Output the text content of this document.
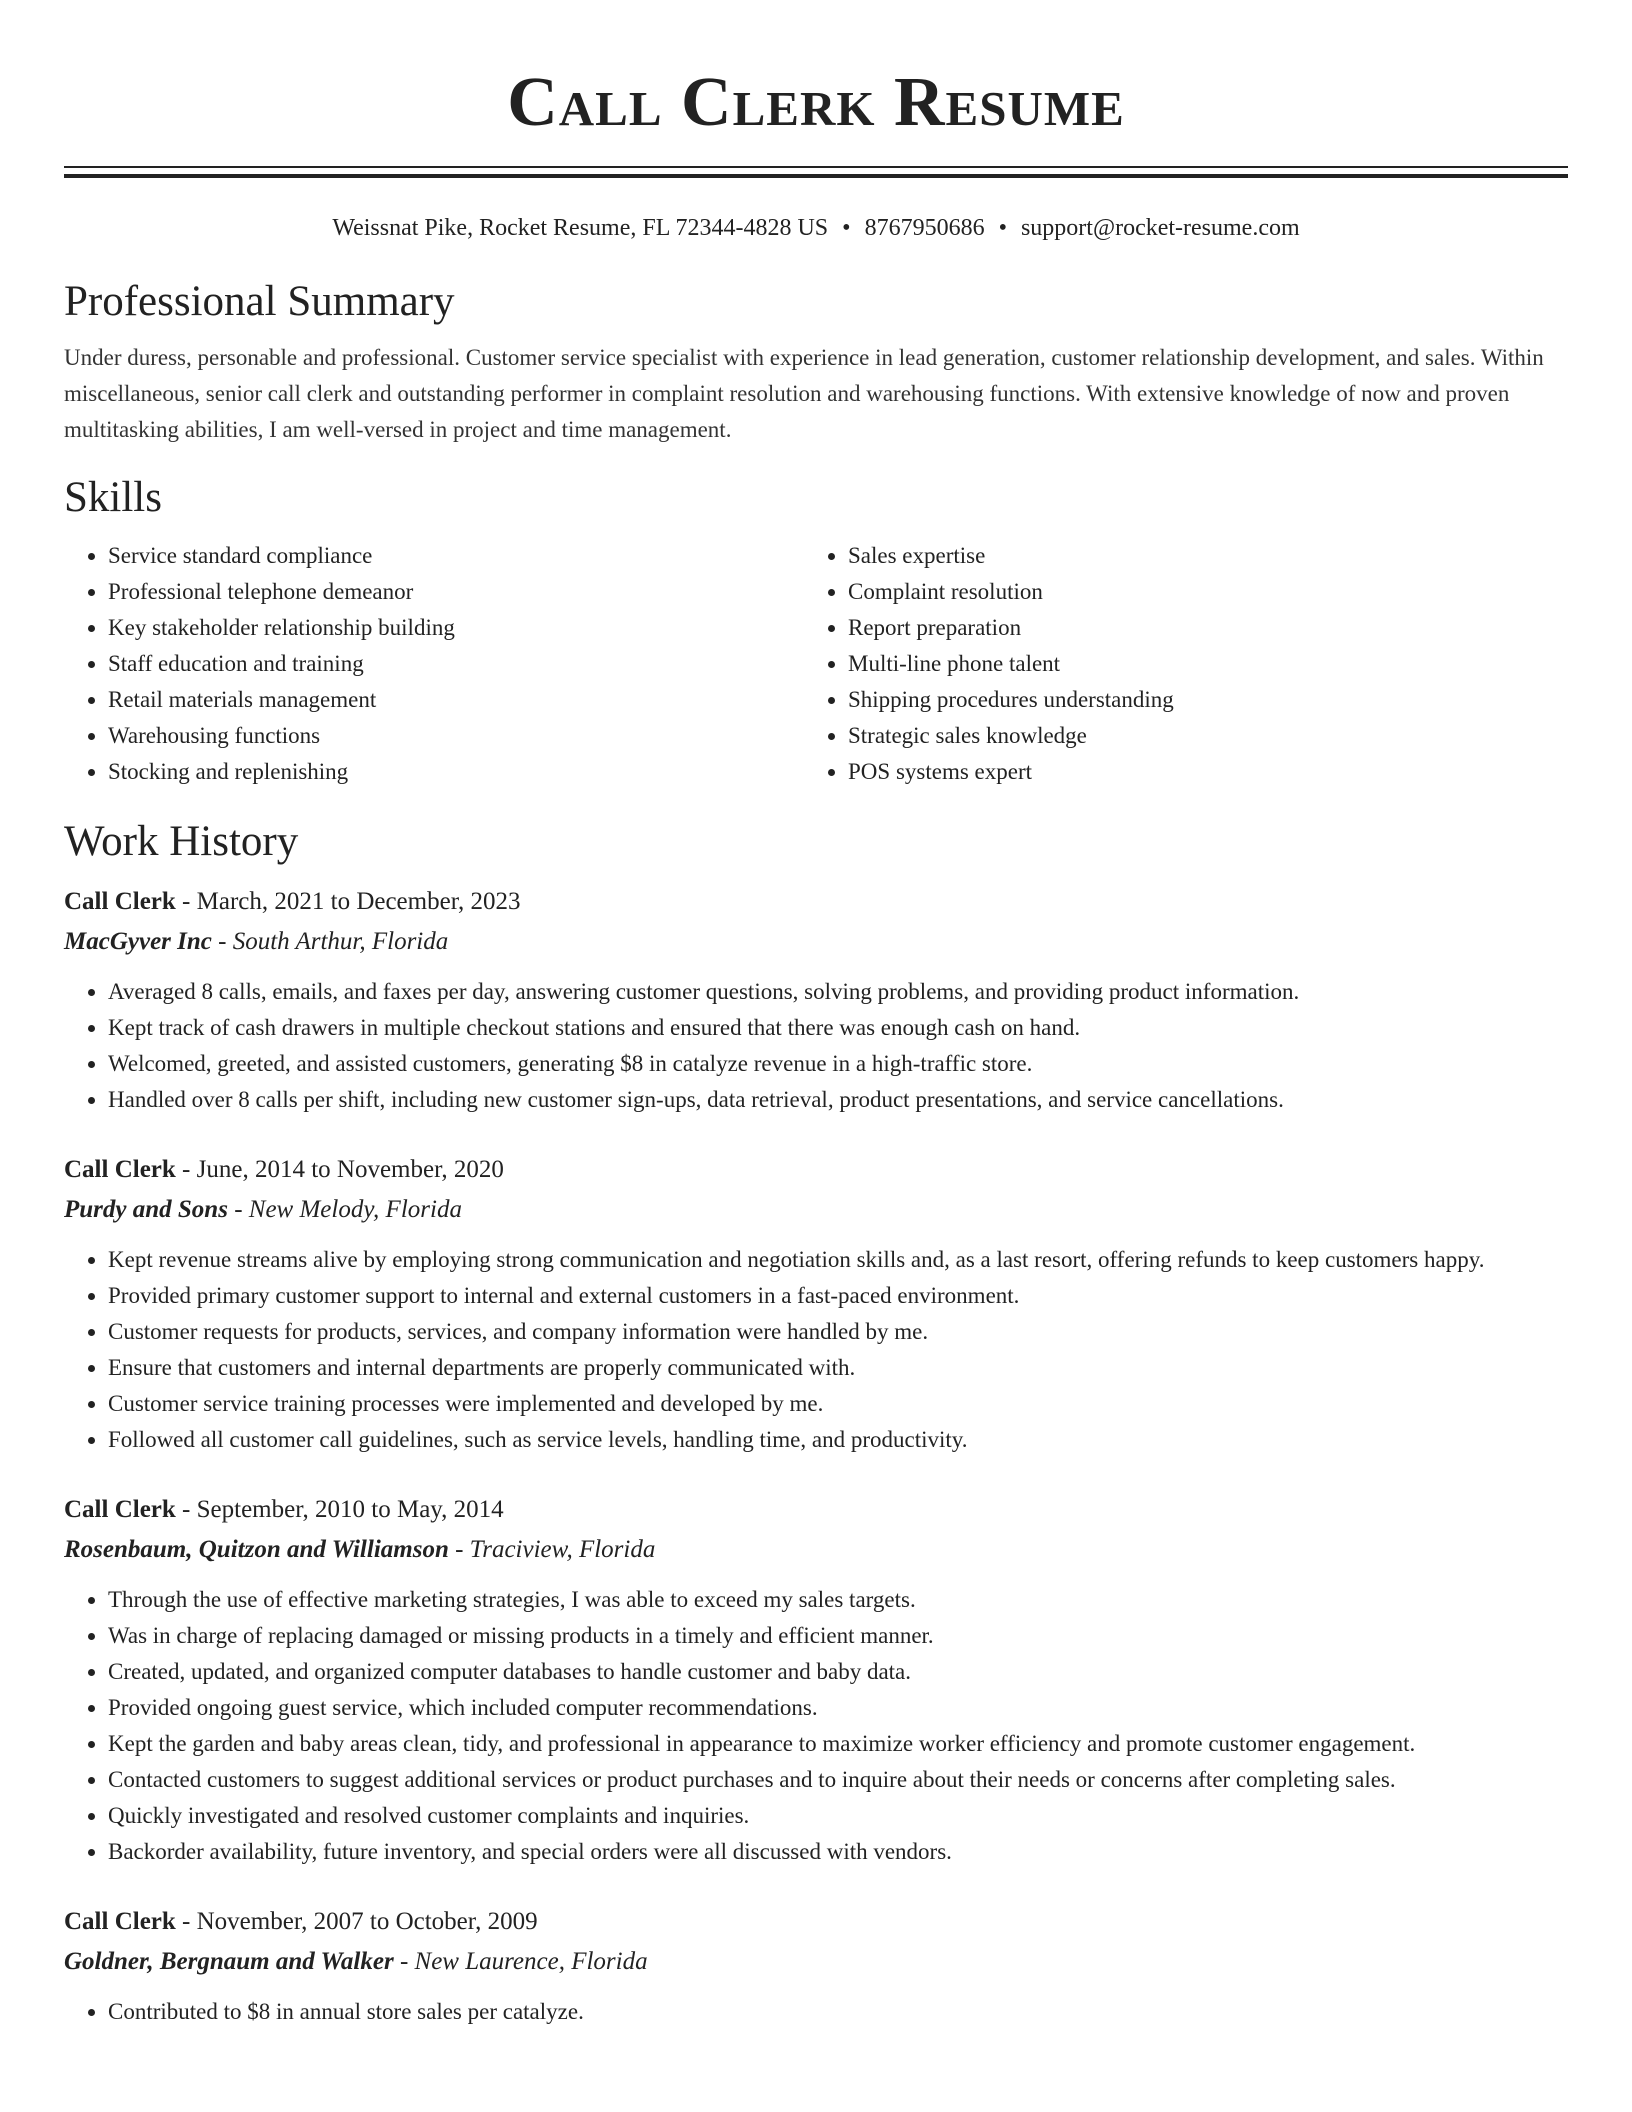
Call Clerk Resume
Weissnat Pike, Rocket Resume, FL 72344-4828 US • 8767950686 • support@rocket-resume.com
Professional Summary
Under duress, personable and professional. Customer service specialist with experience in lead generation, customer relationship development, and sales. Within miscellaneous, senior call clerk and outstanding performer in complaint resolution and warehousing functions. With extensive knowledge of now and proven multitasking abilities, I am well-versed in project and time management.
Skills
• Service standard compliance
• Professional telephone demeanor
• Key stakeholder relationship building
• Staff education and training
• Retail materials management
• Warehousing functions
• Stocking and replenishing
• Sales expertise
• Complaint resolution
• Report preparation
• Multi-line phone talent
• Shipping procedures understanding
• Strategic sales knowledge
• POS systems expert
Work History
Call Clerk - March, 2021 to December, 2023
MacGyver Inc - South Arthur, Florida
• Averaged 8 calls, emails, and faxes per day, answering customer questions, solving problems, and providing product information.
• Kept track of cash drawers in multiple checkout stations and ensured that there was enough cash on hand.
• Welcomed, greeted, and assisted customers, generating $8 in catalyze revenue in a high-traffic store.
• Handled over 8 calls per shift, including new customer sign-ups, data retrieval, product presentations, and service cancellations.
Call Clerk - June, 2014 to November, 2020
Purdy and Sons - New Melody, Florida
• Kept revenue streams alive by employing strong communication and negotiation skills and, as a last resort, offering refunds to keep customers happy.
• Provided primary customer support to internal and external customers in a fast-paced environment.
• Customer requests for products, services, and company information were handled by me.
• Ensure that customers and internal departments are properly communicated with.
• Customer service training processes were implemented and developed by me.
• Followed all customer call guidelines, such as service levels, handling time, and productivity.
Call Clerk - September, 2010 to May, 2014
Rosenbaum, Quitzon and Williamson - Traciview, Florida
• Through the use of effective marketing strategies, I was able to exceed my sales targets.
• Was in charge of replacing damaged or missing products in a timely and efficient manner.
• Created, updated, and organized computer databases to handle customer and baby data.
• Provided ongoing guest service, which included computer recommendations.
• Kept the garden and baby areas clean, tidy, and professional in appearance to maximize worker efficiency and promote customer engagement.
• Contacted customers to suggest additional services or product purchases and to inquire about their needs or concerns after completing sales.
• Quickly investigated and resolved customer complaints and inquiries.
• Backorder availability, future inventory, and special orders were all discussed with vendors.
Call Clerk - November, 2007 to October, 2009
Goldner, Bergnaum and Walker - New Laurence, Florida
• Contributed to $8 in annual store sales per catalyze.
